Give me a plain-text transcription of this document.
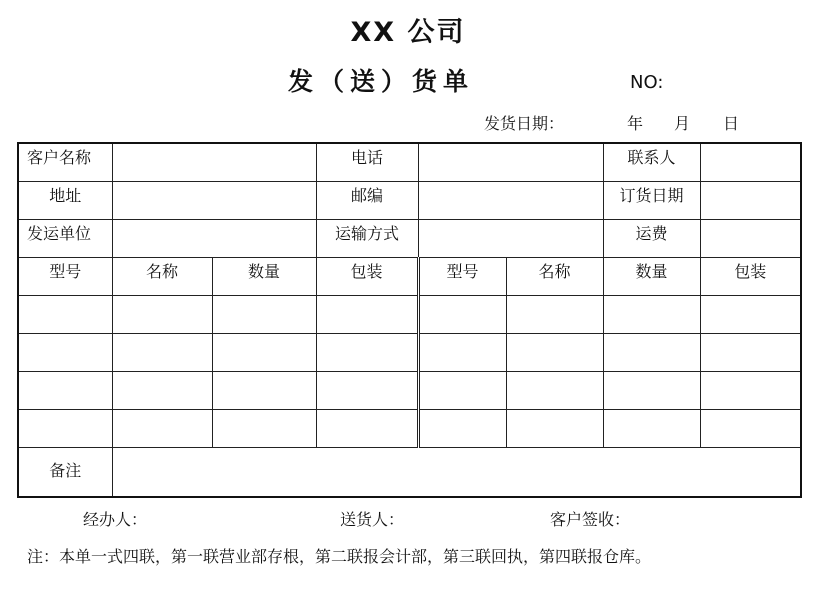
XX 公司
发（送）货单	NO:
发货日期：	年 月 日
客户名称			电话			联系人	
地址			邮编			订货日期	
发运单位			运输方式			运费	
型号	名称	数量	包装	型号	名称	数量	包装

备注							
经办人：	送货人：	客户签收：
注：本单一式四联，第一联营业部存根，第二联报会计部，第三联回执，第四联报仓库。
